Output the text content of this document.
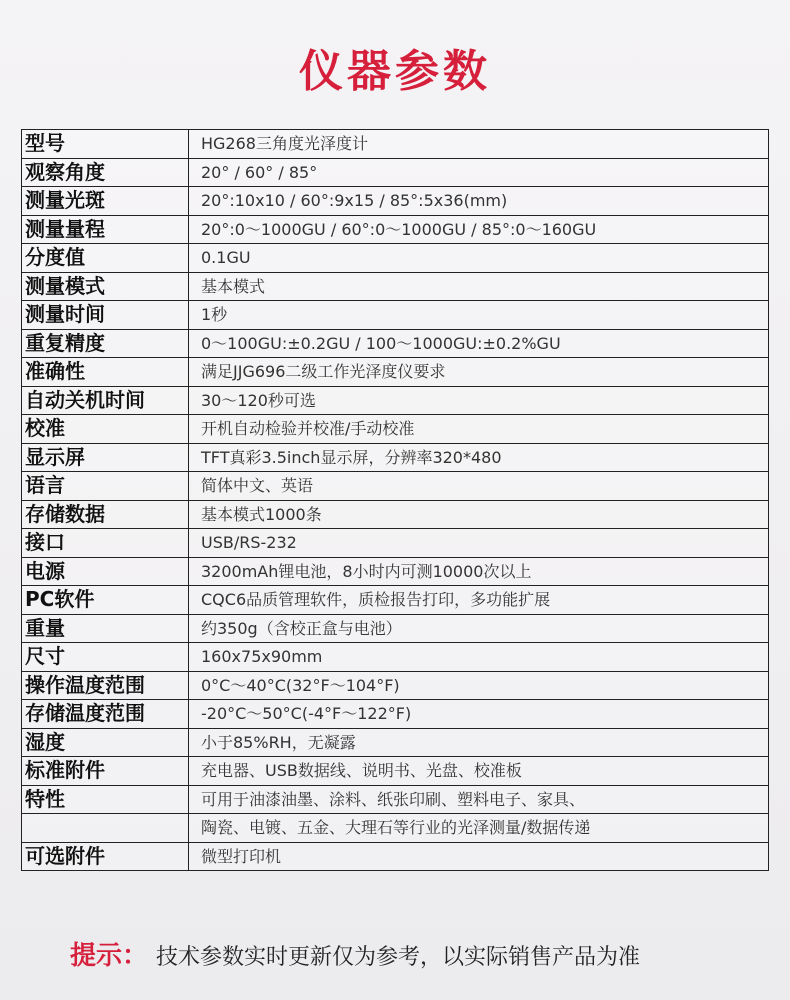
仪器参数
型号	HG268三角度光泽度计
观察角度	20° / 60° / 85°
测量光斑	20°:10x10 / 60°:9x15 / 85°:5x36(mm)
测量量程	20°:0～1000GU / 60°:0～1000GU / 85°:0～160GU
分度值	0.1GU
测量模式	基本模式
测量时间	1秒
重复精度	0～100GU:±0.2GU / 100～1000GU:±0.2%GU
准确性	满足JJG696二级工作光泽度仪要求
自动关机时间	30～120秒可选
校准	开机自动检验并校准/手动校准
显示屏	TFT真彩3.5inch显示屏，分辨率320*480
语言	简体中文、英语
存储数据	基本模式1000条
接口	USB/RS-232
电源	3200mAh锂电池，8小时内可测10000次以上
PC软件	CQC6品质管理软件，质检报告打印，多功能扩展
重量	约350g（含校正盒与电池）
尺寸	160x75x90mm
操作温度范围	0°C～40°C(32°F～104°F)
存储温度范围	-20°C～50°C(-4°F～122°F)
湿度	小于85%RH，无凝露
标准附件	充电器、USB数据线、说明书、光盘、校准板
特性	可用于油漆油墨、涂料、纸张印刷、塑料电子、家具、
	陶瓷、电镀、五金、大理石等行业的光泽测量/数据传递
可选附件	微型打印机
提示： 技术参数实时更新仅为参考，以实际销售产品为准
